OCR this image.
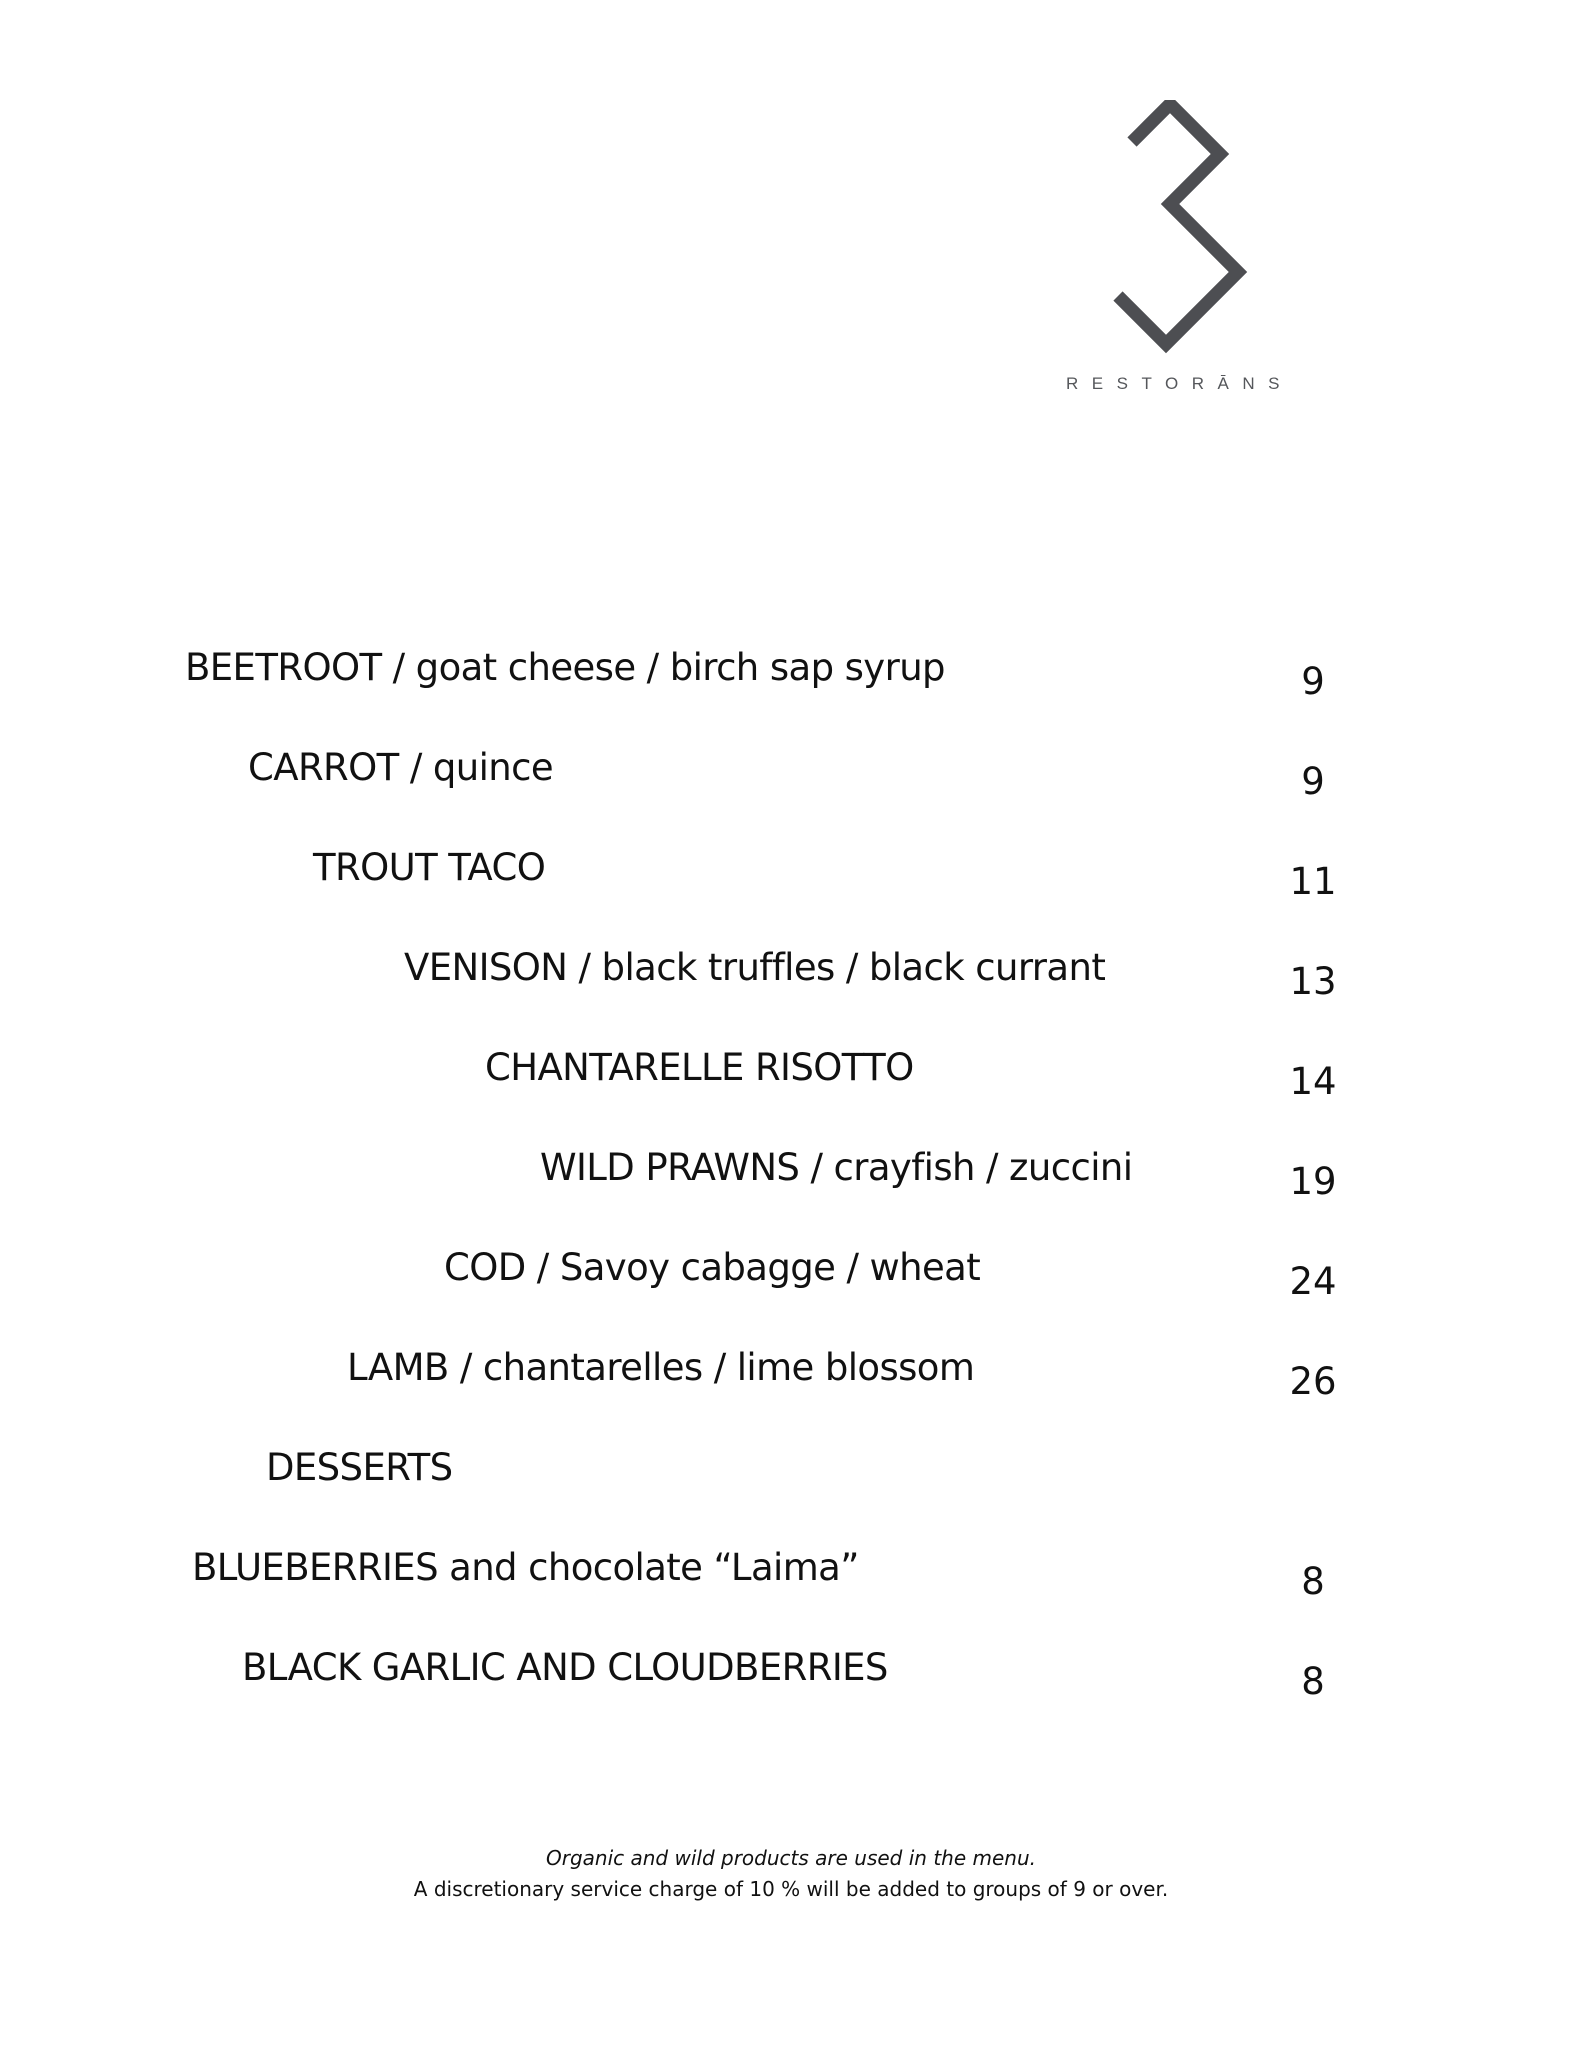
RESTORĀNS
BEETROOT / goat cheese / birch sap syrup	9
CARROT / quince	9
TROUT TACO	11
VENISON / black truffles / black currant	13
CHANTARELLE RISOTTO	14
WILD PRAWNS / crayfish / zuccini	19
COD / Savoy cabagge / wheat	24
LAMB / chantarelles / lime blossom	26
DESSERTS
BLUEBERRIES and chocolate “Laima”	8
BLACK GARLIC AND CLOUDBERRIES	8
Organic and wild products are used in the menu.
A discretionary service charge of 10 % will be added to groups of 9 or over.
